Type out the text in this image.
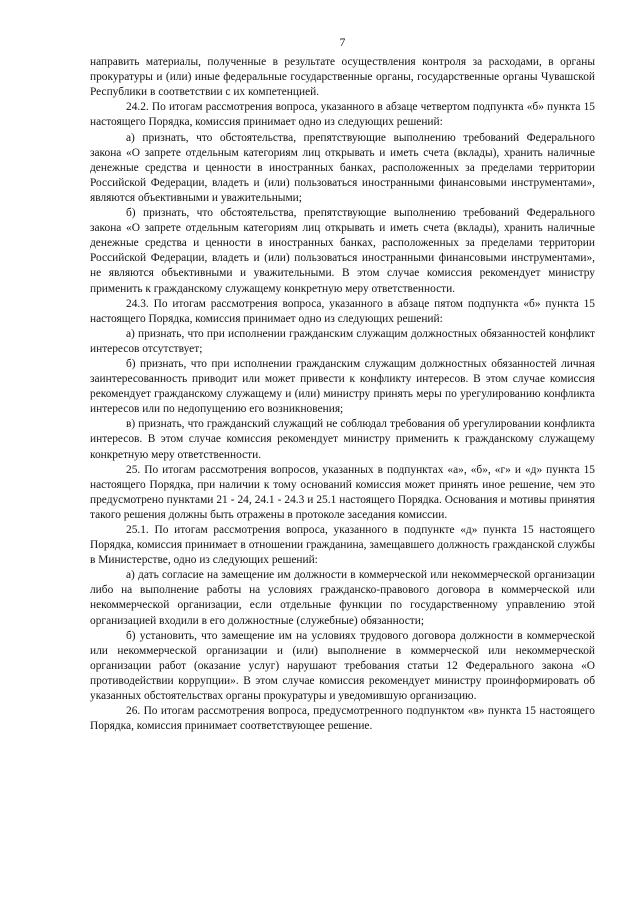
7

направить материалы, полученные в результате осуществления контроля за расходами, в органы прокуратуры и (или) иные федеральные государственные органы, государственные органы Чувашской Республики в соответствии с их компетенцией.

24.2. По итогам рассмотрения вопроса, указанного в абзаце четвертом подпункта «б» пункта 15 настоящего Порядка, комиссия принимает одно из следующих решений:

а) признать, что обстоятельства, препятствующие выполнению требований Федерального закона «О запрете отдельным категориям лиц открывать и иметь счета (вклады), хранить наличные денежные средства и ценности в иностранных банках, расположенных за пределами территории Российской Федерации, владеть и (или) пользоваться иностранными финансовыми инструментами», являются объективными и уважительными;

б) признать, что обстоятельства, препятствующие выполнению требований Федерального закона «О запрете отдельным категориям лиц открывать и иметь счета (вклады), хранить наличные денежные средства и ценности в иностранных банках, расположенных за пределами территории Российской Федерации, владеть и (или) пользоваться иностранными финансовыми инструментами», не являются объективными и уважительными. В этом случае комиссия рекомендует министру применить к гражданскому служащему конкретную меру ответственности.

24.3. По итогам рассмотрения вопроса, указанного в абзаце пятом подпункта «б» пункта 15 настоящего Порядка, комиссия принимает одно из следующих решений:

а) признать, что при исполнении гражданским служащим должностных обязанностей конфликт интересов отсутствует;

б) признать, что при исполнении гражданским служащим должностных обязанностей личная заинтересованность приводит или может привести к конфликту интересов. В этом случае комиссия рекомендует гражданскому служащему и (или) министру принять меры по урегулированию конфликта интересов или по недопущению его возникновения;

в) признать, что гражданский служащий не соблюдал требования об урегулировании конфликта интересов. В этом случае комиссия рекомендует министру применить к гражданскому служащему конкретную меру ответственности.

25. По итогам рассмотрения вопросов, указанных в подпунктах «а», «б», «г» и «д» пункта 15 настоящего Порядка, при наличии к тому оснований комиссия может принять иное решение, чем это предусмотрено пунктами 21 - 24, 24.1 - 24.3 и 25.1 настоящего Порядка. Основания и мотивы принятия такого решения должны быть отражены в протоколе заседания комиссии.

25.1. По итогам рассмотрения вопроса, указанного в подпункте «д» пункта 15 настоящего Порядка, комиссия принимает в отношении гражданина, замещавшего должность гражданской службы в Министерстве, одно из следующих решений:

а) дать согласие на замещение им должности в коммерческой или некоммерческой организации либо на выполнение работы на условиях гражданско-правового договора в коммерческой или некоммерческой организации, если отдельные функции по государственному управлению этой организацией входили в его должностные (служебные) обязанности;

б) установить, что замещение им на условиях трудового договора должности в коммерческой или некоммерческой организации и (или) выполнение в коммерческой или некоммерческой организации работ (оказание услуг) нарушают требования статьи 12 Федерального закона «О противодействии коррупции». В этом случае комиссия рекомендует министру проинформировать об указанных обстоятельствах органы прокуратуры и уведомившую организацию.

26. По итогам рассмотрения вопроса, предусмотренного подпунктом «в» пункта 15 настоящего Порядка, комиссия принимает соответствующее решение.
